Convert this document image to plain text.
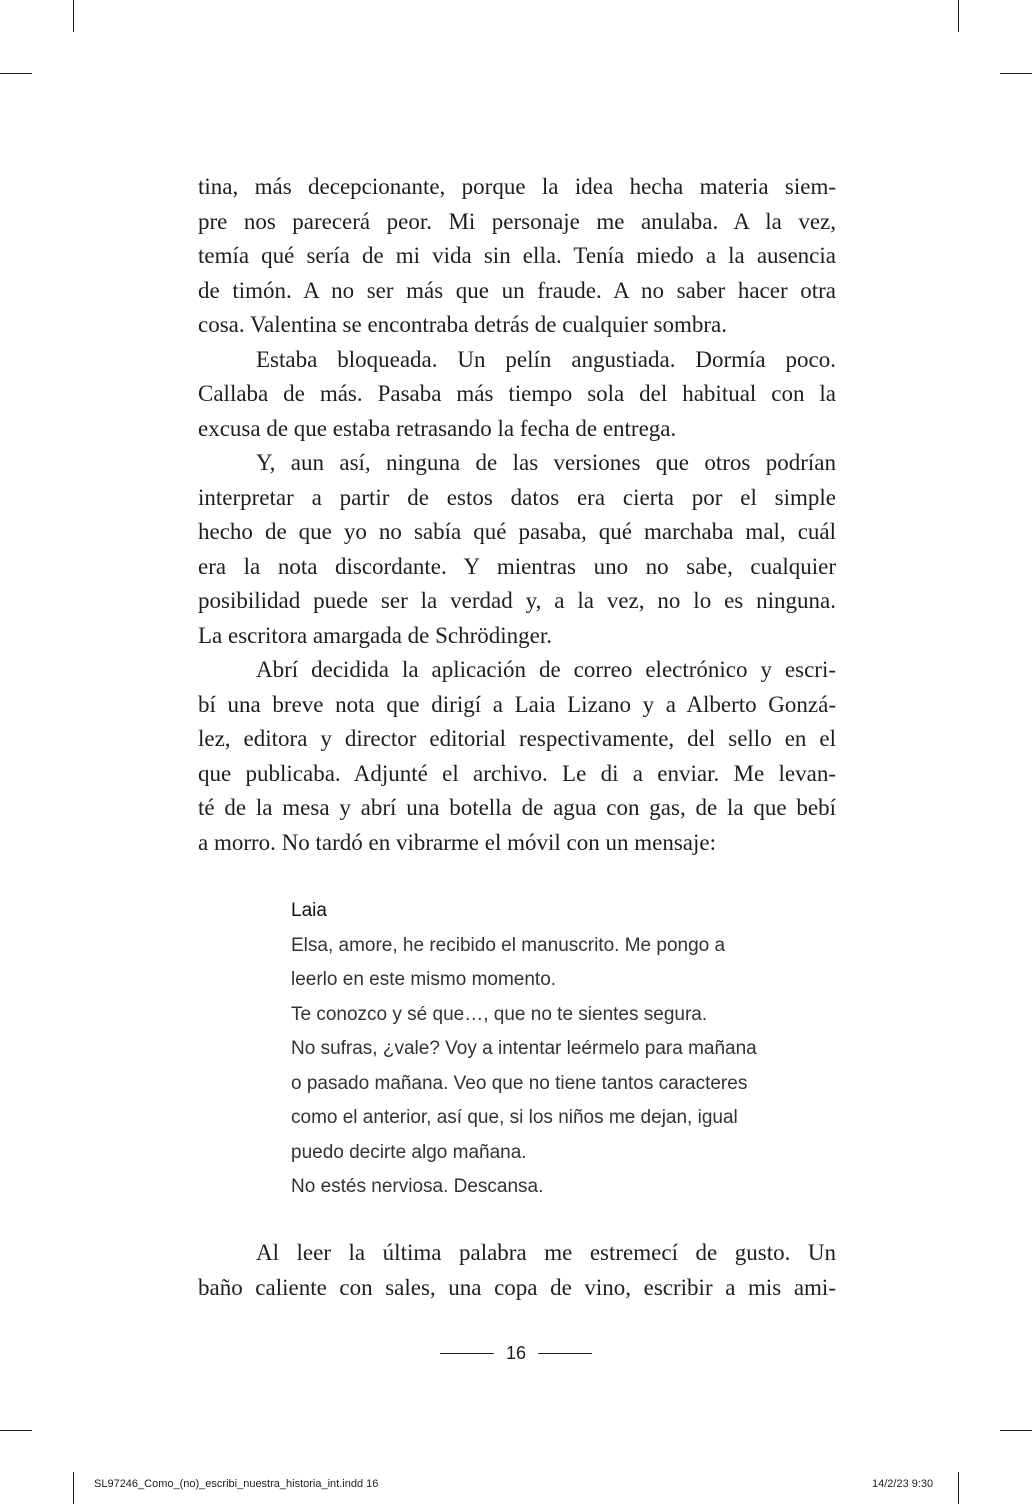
tina, más decepcionante, porque la idea hecha materia siem-
pre nos parecerá peor. Mi personaje me anulaba. A la vez,
temía qué sería de mi vida sin ella. Tenía miedo a la ausencia
de timón. A no ser más que un fraude. A no saber hacer otra
cosa. Valentina se encontraba detrás de cualquier sombra.
Estaba bloqueada. Un pelín angustiada. Dormía poco.
Callaba de más. Pasaba más tiempo sola del habitual con la
excusa de que estaba retrasando la fecha de entrega.
Y, aun así, ninguna de las versiones que otros podrían
interpretar a partir de estos datos era cierta por el simple
hecho de que yo no sabía qué pasaba, qué marchaba mal, cuál
era la nota discordante. Y mientras uno no sabe, cualquier
posibilidad puede ser la verdad y, a la vez, no lo es ninguna.
La escritora amargada de Schrödinger.
Abrí decidida la aplicación de correo electrónico y escri-
bí una breve nota que dirigí a Laia Lizano y a Alberto Gonzá-
lez, editora y director editorial respectivamente, del sello en el
que publicaba. Adjunté el archivo. Le di a enviar. Me levan-
té de la mesa y abrí una botella de agua con gas, de la que bebí
a morro. No tardó en vibrarme el móvil con un mensaje:
Laia
Elsa, amore, he recibido el manuscrito. Me pongo a
leerlo en este mismo momento.
Te conozco y sé que…, que no te sientes segura.
No sufras, ¿vale? Voy a intentar leérmelo para mañana
o pasado mañana. Veo que no tiene tantos caracteres
como el anterior, así que, si los niños me dejan, igual
puedo decirte algo mañana.
No estés nerviosa. Descansa.
Al leer la última palabra me estremecí de gusto. Un
baño caliente con sales, una copa de vino, escribir a mis ami-
16
SL97246_Como_(no)_escribi_nuestra_historia_int.indd 16	14/2/23 9:30
